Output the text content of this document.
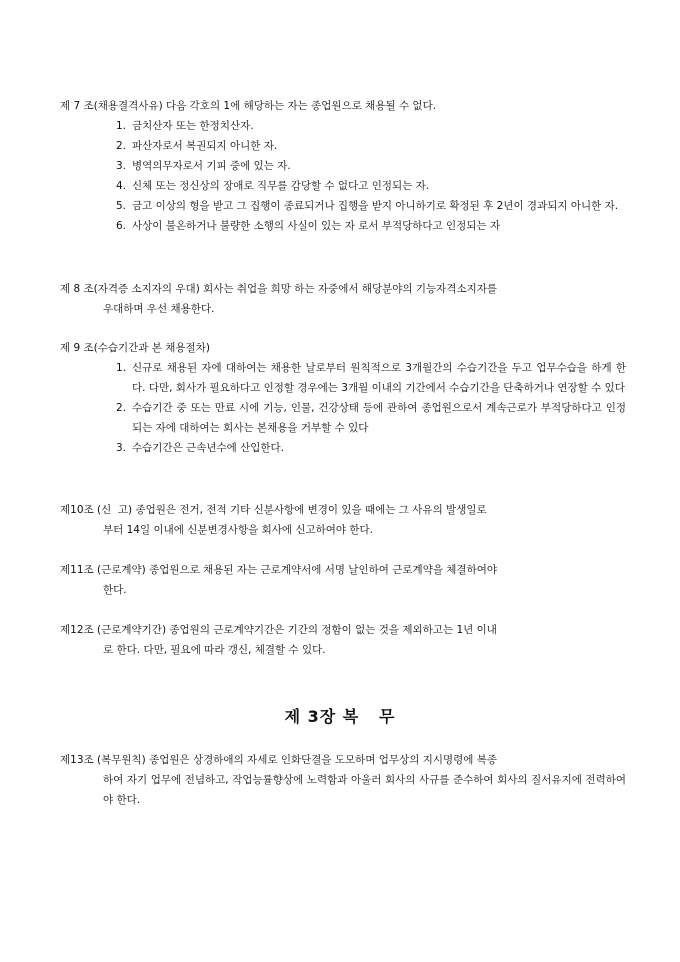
제 7 조(채용결격사유) 다음 각호의 1에 해당하는 자는 종업원으로 채용될 수 없다.
1. 금치산자 또는 한정치산자.
2. 파산자로서 복권되지 아니한 자.
3. 병역의무자로서 기피 중에 있는 자.
4. 신체 또는 정신상의 장애로 직무를 감당할 수 없다고 인정되는 자.
5. 금고 이상의 형을 받고 그 집행이 종료되거나 집행을 받지 아니하기로 확정된 후 2년이 경과되지 아니한 자.
6. 사상이 불온하거나 불량한 소행의 사실이 있는 자 로서 부적당하다고 인정되는 자
제 8 조(자격증 소지자의 우대) 회사는 취업을 희망 하는 자중에서 해당분야의 기능자격소지자를
우대하며 우선 채용한다.
제 9 조(수습기간과 본 채용절차)
1. 신규로 채용된 자에 대하여는 채용한 날로부터 원칙적으로 3개월간의 수습기간을 두고 업무수습을 하게 한다. 다만, 회사가 필요하다고 인정할 경우에는 3개월 이내의 기간에서 수습기간을 단축하거나 연장할 수 있다
2. 수습기간 중 또는 만료 시에 기능, 인물, 건강상태 등에 관하여 종업원으로서 계속근로가 부적당하다고 인정되는 자에 대하여는 회사는 본채용을 거부할 수 있다
3. 수습기간은 근속년수에 산입한다.
제10조 (신  고) 종업원은 전거, 전적 기타 신분사항에 변경이 있을 때에는 그 사유의 발생일로
부터 14일 이내에 신분변경사항을 회사에 신고하여야 한다.
제11조 (근로계약) 종업원으로 채용된 자는 근로계약서에 서명 날인하여 근로계약을 체결하여야
한다.
제12조 (근로계약기간) 종업원의 근로계약기간은 기간의 정함이 없는 것을 제외하고는 1년 이내
로 한다. 다만, 필요에 따라 갱신, 체결할 수 있다.
제 3장 복   무
제13조 (복무원칙) 종업원은 상경하애의 자세로 인화단결을 도모하며 업무상의 지시명령에 복종
하여 자기 업무에 전념하고, 작업능률향상에 노력함과 아울러 회사의 사규를 준수하여 회사의 질서유지에 전력하여야 한다.
